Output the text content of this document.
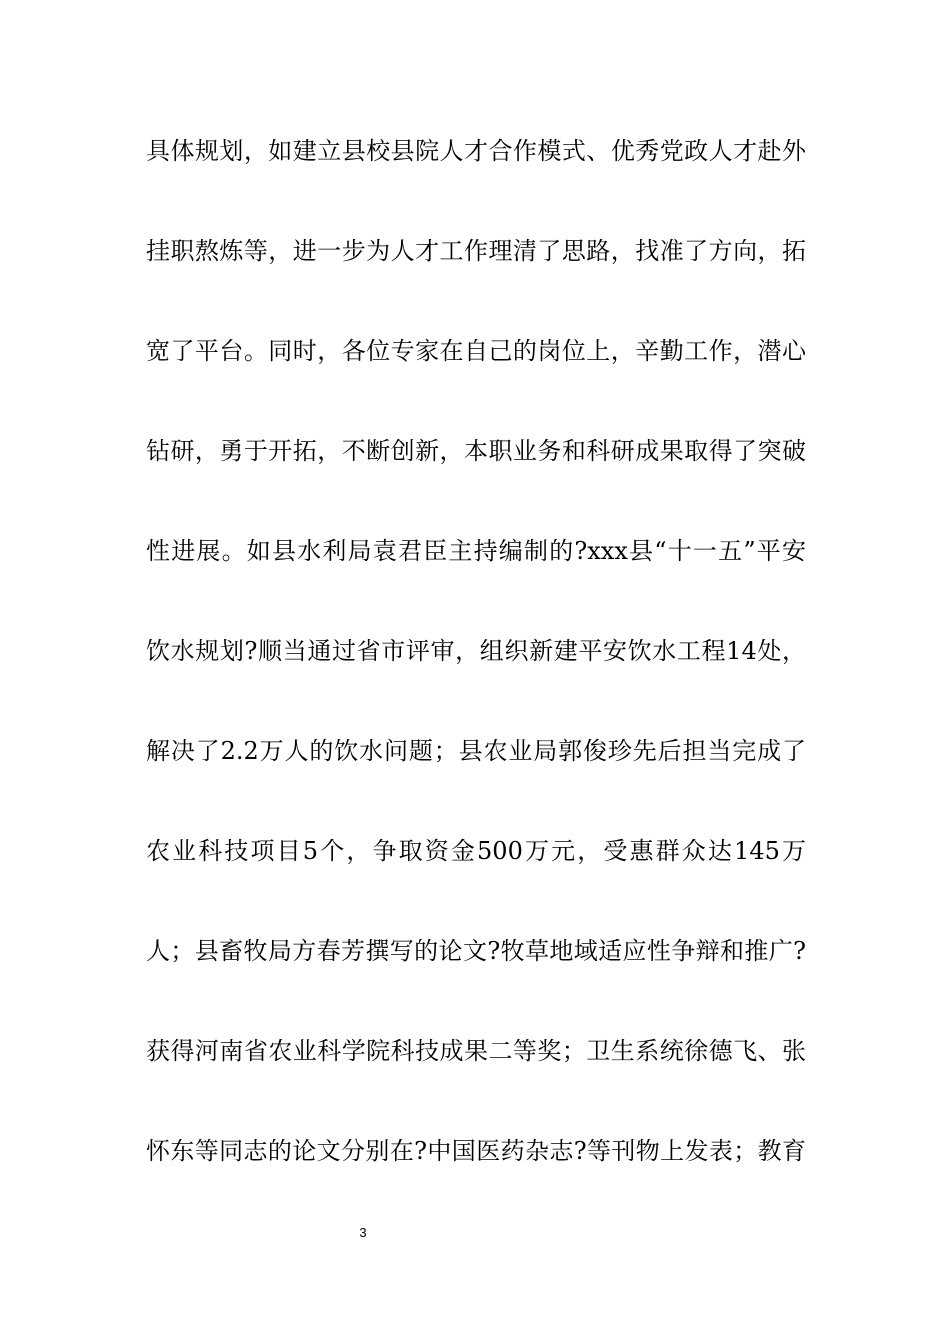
具体规划，如建立县校县院人才合作模式、优秀党政人才赴外
挂职熬炼等，进一步为人才工作理清了思路，找准了方向，拓
宽了平台。同时，各位专家在自己的岗位上，辛勤工作，潜心
钻研，勇于开拓，不断创新，本职业务和科研成果取得了突破
性进展。如县水利局袁君臣主持编制的?xxx县“十一五”平安
饮水规划?顺当通过省市评审，组织新建平安饮水工程14处，
解决了2.2万人的饮水问题；县农业局郭俊珍先后担当完成了
农业科技项目5个，争取资金500万元，受惠群众达145万
人；县畜牧局方春芳撰写的论文?牧草地域适应性争辩和推广?
获得河南省农业科学院科技成果二等奖；卫生系统徐德飞、张
怀东等同志的论文分别在?中国医药杂志?等刊物上发表；教育
3
